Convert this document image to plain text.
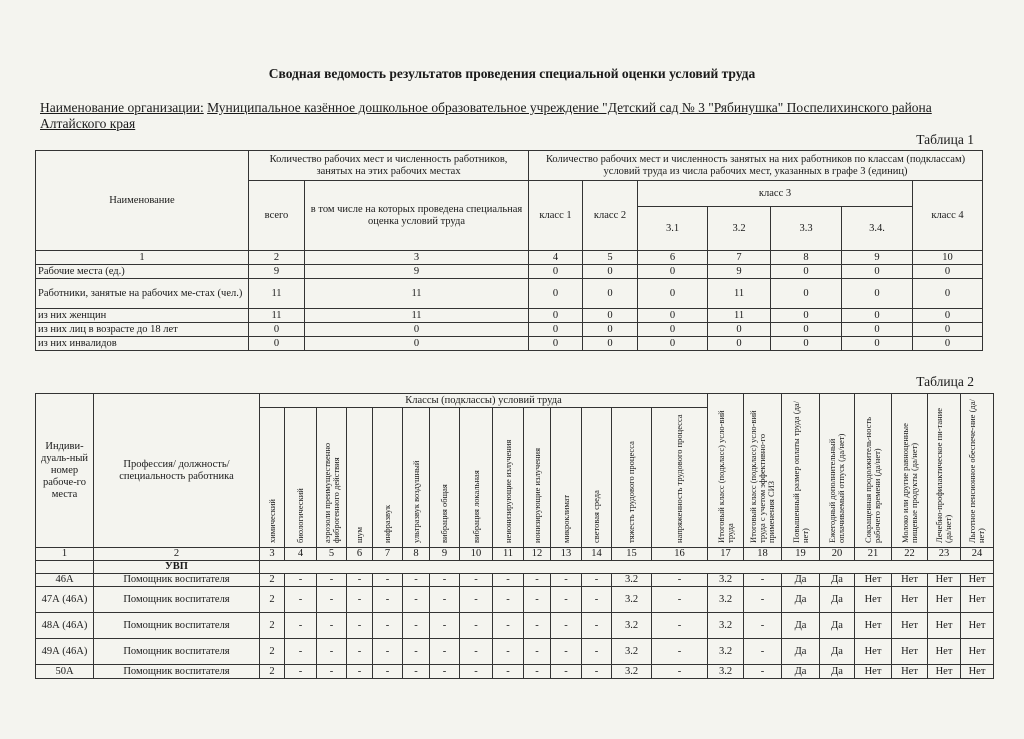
Сводная ведомость результатов проведения специальной оценки условий труда
Наименование организации: Муниципальное казённое дошкольное образовательное учреждение "Детский сад № 3 "Рябинушка" Поспелихинского района Алтайского края
Таблица 1
Наименование	Количество рабочих мест и численность работников, занятых на этих рабочих местах		Количество рабочих мест и численность занятых на них работников по классам (подклассам) условий труда из числа рабочих мест, указанных в графе 3 (единиц)						
	всего	в том числе на которых проведена специальная оценка условий труда	класс 1	класс 2	класс 3				класс 4
					3.1	3.2	3.3	3.4.	
1	2	3	4	5	6	7	8	9	10
Рабочие места (ед.)	9	9	0	0	0	9	0	0	0
Работники, занятые на рабочих ме-стах (чел.)	11	11	0	0	0	11	0	0	0
из них женщин	11	11	0	0	0	11	0	0	0
из них лиц в возрасте до 18 лет	0	0	0	0	0	0	0	0	0
из них инвалидов	0	0	0	0	0	0	0	0	0
Таблица 2
Индиви-дуаль-ный номер рабоче-го места	Профессия/ должность/ специальность работника	Классы (подклассы) условий труда														Итоговый класс (подкласс) усло-вий труда	Итоговый класс (подкласс) усло-вий труда с учетом эффективно-го применения СИЗ	Повышенный размер оплаты труда (да/нет)	Ежегодный дополнительный оплачиваемый отпуск (да/нет)	Сокращенная продолжитель-ность рабочего времени (да/нет)	Молоко или другие равноценные пищевые продукты (да/нет)	Лечебно-профилактическое пи-тание (да/нет)	Льготное пенсионное обеспече-ние (да/нет)

		химический	биологический	аэрозоли преимущественно фиброгенного действия	шум	инфразвук	ультразвук воздушный	вибрация общая	вибрация локальная	неионизирующие излучения	ионизирующие излучения	микроклимат	световая среда	тяжесть трудового процесса	напряженность трудового процесса								

1	2	3	4	5	6	7	8	9	10	11	12	13	14	15	16	17	18	19	20	21	22	23	24
	УВП																						
46А	Помощник воспитателя	2	-	-	-	-	-	-	-	-	-	-	-	3.2	-	3.2	-	Да	Да	Нет	Нет	Нет	Нет
47А (46А)	Помощник воспитателя	2	-	-	-	-	-	-	-	-	-	-	-	3.2	-	3.2	-	Да	Да	Нет	Нет	Нет	Нет
48А (46А)	Помощник воспитателя	2	-	-	-	-	-	-	-	-	-	-	-	3.2	-	3.2	-	Да	Да	Нет	Нет	Нет	Нет
49А (46А)	Помощник воспитателя	2	-	-	-	-	-	-	-	-	-	-	-	3.2	-	3.2	-	Да	Да	Нет	Нет	Нет	Нет
50А	Помощник воспитателя	2	-	-	-	-	-	-	-	-	-	-	-	3.2	-	3.2	-	Да	Да	Нет	Нет	Нет	Нет
